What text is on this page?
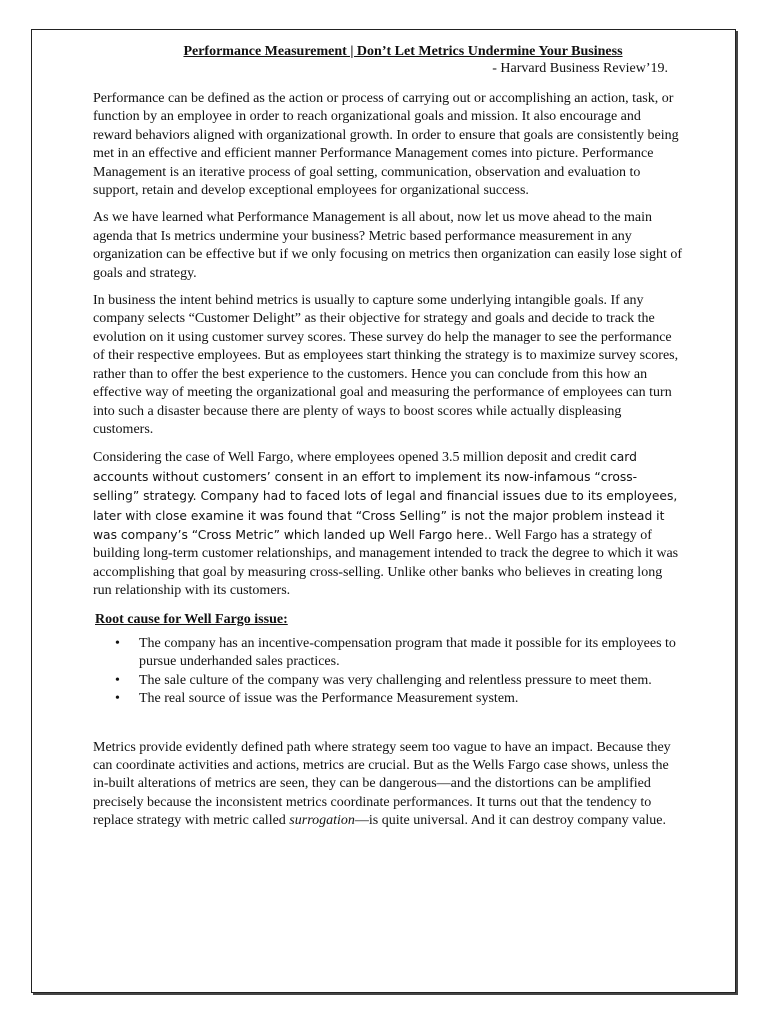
Performance Measurement | Don’t Let Metrics Undermine Your Business

- Harvard Business Review’19.

Performance can be defined as the action or process of carrying out or accomplishing an action, task, or function by an employee in order to reach organizational goals and mission. It also encourage and reward behaviors aligned with organizational growth. In order to ensure that goals are consistently being met in an effective and efficient manner Performance Management comes into picture. Performance Management is an iterative process of goal setting, communication, observation and evaluation to support, retain and develop exceptional employees for organizational success.

As we have learned what Performance Management is all about, now let us move ahead to the main agenda that Is metrics undermine your business? Metric based performance measurement in any organization can be effective but if we only focusing on metrics then organization can easily lose sight of goals and strategy.

In business the intent behind metrics is usually to capture some underlying intangible goals. If any company selects “Customer Delight” as their objective for strategy and goals and decide to track the evolution on it using customer survey scores. These survey do help the manager to see the performance of their respective employees. But as employees start thinking the strategy is to maximize survey scores, rather than to offer the best experience to the customers. Hence you can conclude from this how an effective way of meeting the organizational goal and measuring the performance of employees can turn into such a disaster because there are plenty of ways to boost scores while actually displeasing customers.

Considering the case of Well Fargo, where employees opened 3.5 million deposit and credit card accounts without customers’ consent in an effort to implement its now-infamous “cross-selling” strategy. Company had to faced lots of legal and financial issues due to its employees, later with close examine it was found that “Cross Selling” is not the major problem instead it was company’s “Cross Metric” which landed up Well Fargo here.. Well Fargo has a strategy of building long-term customer relationships, and management intended to track the degree to which it was accomplishing that goal by measuring cross-selling. Unlike other banks who believes in creating long run relationship with its customers.

Root cause for Well Fargo issue:

• The company has an incentive-compensation program that made it possible for its employees to pursue underhanded sales practices.
• The sale culture of the company was very challenging and relentless pressure to meet them.
• The real source of issue was the Performance Measurement system.

Metrics provide evidently defined path where strategy seem too vague to have an impact. Because they can coordinate activities and actions, metrics are crucial. But as the Wells Fargo case shows, unless the in-built alterations of metrics are seen, they can be dangerous—and the distortions can be amplified precisely because the inconsistent metrics coordinate performances. It turns out that the tendency to replace strategy with metric called surrogation—is quite universal. And it can destroy company value.
